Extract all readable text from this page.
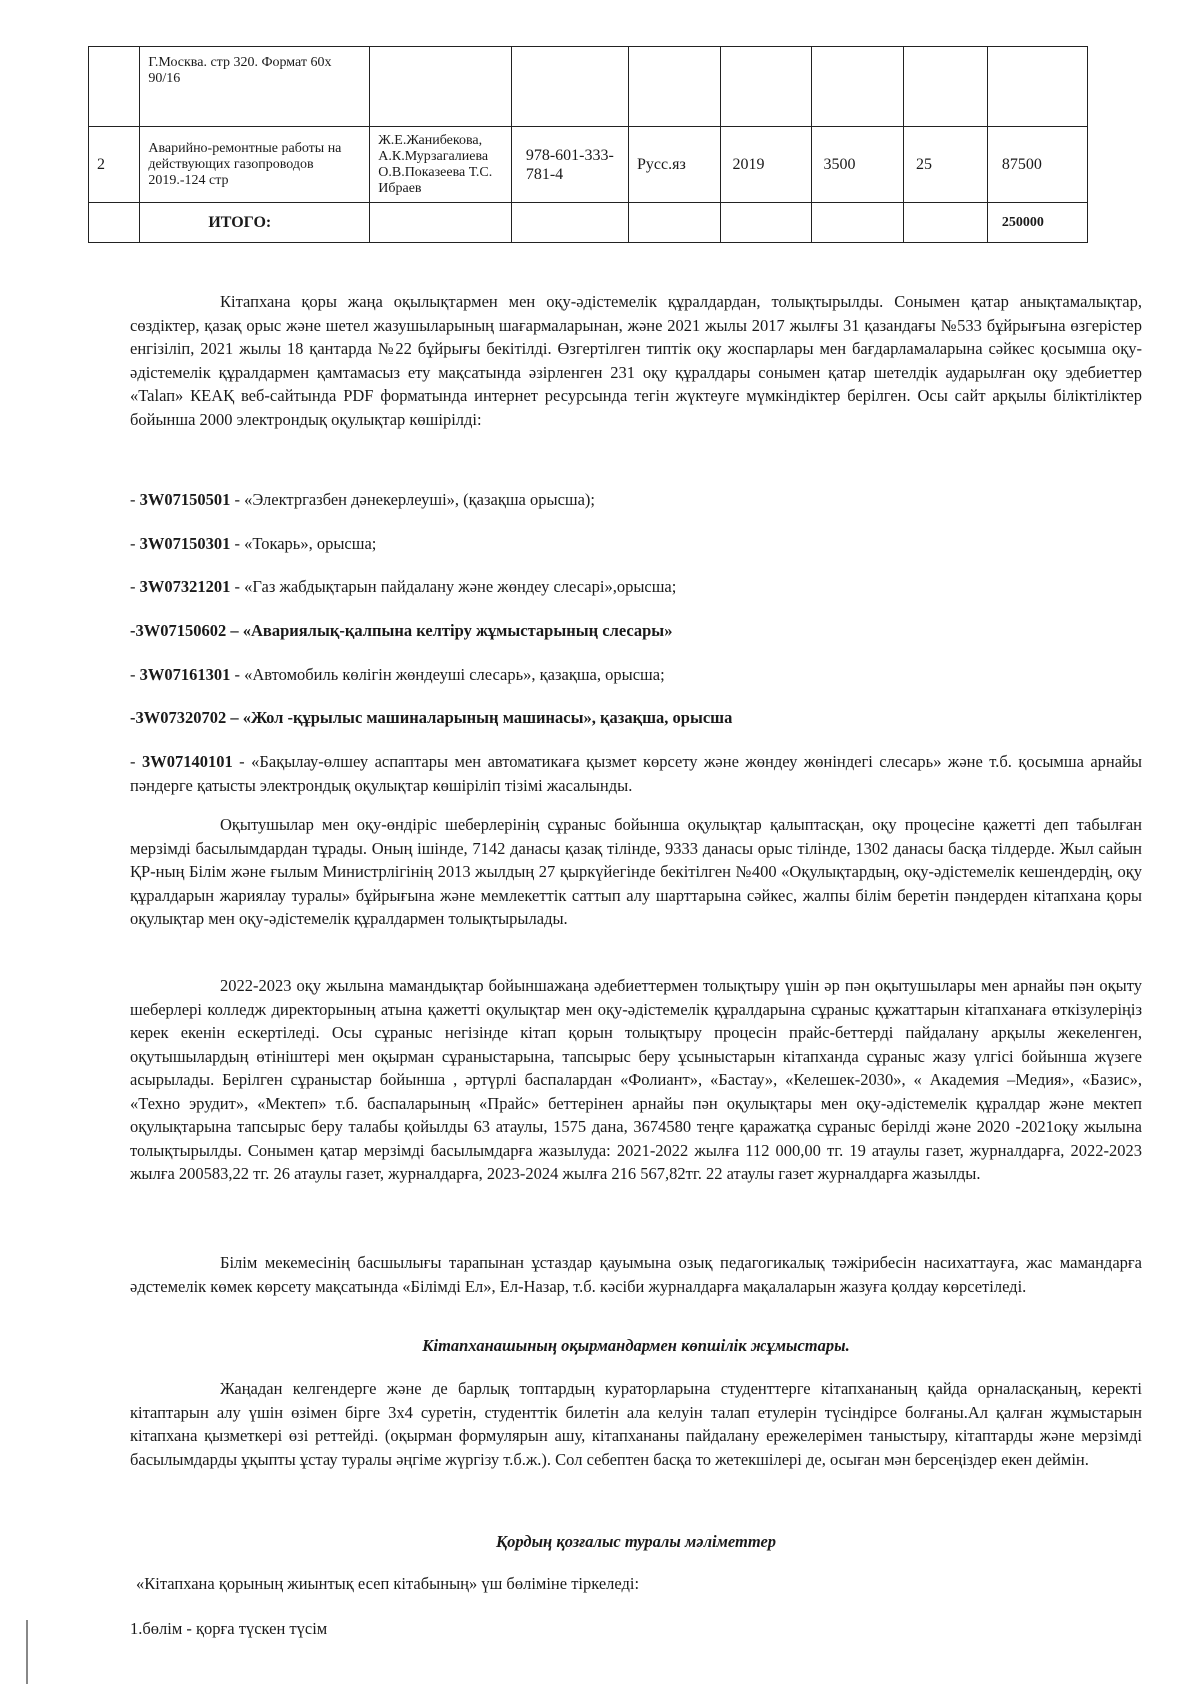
	Г.Москва. стр 320. Формат 60х 90/16							
2	Аварийно-ремонтные работы на действующих газопроводов 2019.-124 стр	Ж.Е.Жанибекова, А.К.Мурзагалиева О.В.Показеева Т.С. Ибраев	978-601-333-781-4	Русс.яз	2019	3500	25	87500
	ИТОГО:							250000

Кітапхана қоры жаңа оқылықтармен мен оқу-әдістемелік құралдардан, толықтырылды. Сонымен қатар анықтамалықтар, сөздіктер, қазақ орыс және шетел жазушыларының шағармаларынан, және 2021 жылы 2017 жылғы 31 қазандағы №533 бұйрығына өзгерістер енгізіліп, 2021 жылы 18 қантарда №22 бұйрығы бекітілді. Өзгертілген типтік оқу жоспарлары мен бағдарламаларына сәйкес қосымша оқу-әдістемелік құралдармен қамтамасыз ету мақсатында әзірленген 231 оқу құралдары сонымен қатар шетелдік аударылған оқу эдебиеттер «Talап» КЕАҚ веб-сайтында PDF форматында интернет ресурсында тегін жүктеуге мүмкіндіктер берілген. Осы сайт арқылы біліктіліктер бойынша 2000 электрондық оқулықтар көшірілді:

- 3W07150501 - «Электргазбен дәнекерлеуші», (қазақша орысша);
- 3W07150301 - «Токарь», орысша;
- 3W07321201 - «Газ жабдықтарын пайдалану және жөндеу слесарі»,орысша;
-3W07150602 – «Авариялық-қалпына келтіру жұмыстарының слесары»
- 3W07161301 - «Автомобиль көлігін жөндеуші слесарь», қазақша, орысша;
-3W07320702 – «Жол -құрылыс машиналарының машинасы», қазақша, орысша
- 3W07140101 - «Бақылау-өлшеу аспаптары мен автоматикаға қызмет көрсету және жөндеу жөніндегі слесарь» және т.б. қосымша арнайы пәндерге қатысты электрондық оқулықтар көшіріліп тізімі жасалынды.

Оқытушылар мен оқу-өндіріс шеберлерінің сұраныс бойынша оқулықтар қалыптасқан, оқу процесіне қажетті деп табылған мерзімді басылымдардан тұрады. Оның ішінде, 7142 данасы қазақ тілінде, 9333 данасы орыс тілінде, 1302 данасы басқа тілдерде. Жыл сайын ҚР-ның Білім және ғылым Министрлігінің 2013 жылдың 27 қыркүйегінде бекітілген №400 «Оқулықтардың, оқу-әдістемелік кешендердің, оқу құралдарын жариялау туралы» бұйрығына және мемлекеттік саттып алу шарттарына сәйкес, жалпы білім беретін пәндерден кітапхана қоры оқулықтар мен оқу-әдістемелік құралдармен толықтырылады.

2022-2023 оқу жылына мамандықтар бойыншажаңа әдебиеттермен толықтыру үшін әр пән оқытушылары мен арнайы пән оқыту шеберлері колледж директорының атына қажетті оқулықтар мен оқу-әдістемелік құралдарына сұраныс құжаттарын кітапханаға өткізулеріңіз керек екенін ескертіледі. Осы сұраныс негізінде кітап қорын толықтыру процесін прайс-беттерді пайдалану арқылы жекеленген, оқутышылардың өтініштері мен оқырман сұраныстарына, тапсырыс беру ұсыныстарын кітапханда сұраныс жазу үлгісі бойынша жүзеге асырылады. Берілген сұраныстар бойынша , әртүрлі баспалардан «Фолиант», «Бастау», «Келешек-2030», « Академия –Медия», «Базис», «Техно эрудит», «Мектеп» т.б. баспаларының «Прайс» беттерінен арнайы пән оқулықтары мен оқу-әдістемелік құралдар және мектеп оқулықтарына тапсырыс беру талабы қойылды 63 атаулы, 1575 дана, 3674580 теңге қаражатқа сұраныс берілді және 2020 -2021оқу жылына толықтырылды. Сонымен қатар мерзімді басылымдарға жазылуда: 2021-2022 жылға 112 000,00 тг. 19 атаулы газет, журналдарға, 2022-2023 жылға 200583,22 тг. 26 атаулы газет, журналдарға, 2023-2024 жылға 216 567,82тг. 22 атаулы газет журналдарға жазылды.

Білім мекемесінің басшылығы тарапынан ұстаздар қауымына озық педагогикалық тәжірибесін насихаттауға, жас мамандарға әдстемелік көмек көрсету мақсатында «Білімді Ел», Ел-Назар, т.б. кәсіби журналдарға мақалаларын жазуға қолдау көрсетіледі.

Кітапханашының оқырмандармен көпшілік жұмыстары.

Жаңадан келгендерге және де барлық топтардың кураторларына студенттерге кітапхананың қайда орналасқаның, керекті кітаптарын алу үшін өзімен бірге 3х4 суретін, студенттік билетін ала келуін талап етулерін түсіндірсе болғаны.Ал қалған жұмыстарын кітапхана қызметкері өзі реттейді. (оқырман формулярын ашу, кітапхананы пайдалану ережелерімен таныстыру, кітаптарды және мерзімді басылымдарды ұқыпты ұстау туралы әңгіме жүргізу т.б.ж.). Сол себептен басқа то жетекшілері де, осыған мән берсеңіздер екен деймін.

Қордың қозғалыс туралы мәліметтер
«Кітапхана қорының жиынтық есеп кітабының» үш бөліміне тіркеледі:
1.бөлім - қорға түскен түсім
